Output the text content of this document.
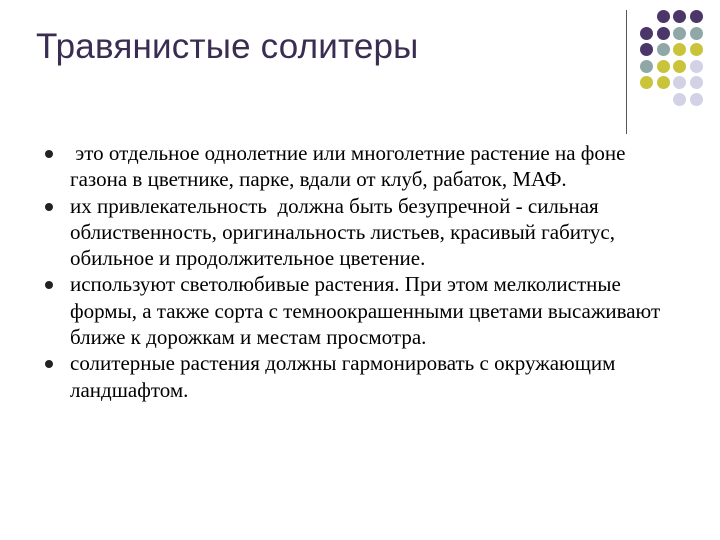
Травянистые солитеры
это отдельное однолетние или многолетние растение на фоне газона в цветнике, парке, вдали от клуб, рабаток, МАФ.
их привлекательность  должна быть безупречной - сильная облиственность, оригинальность листьев, красивый габитус, обильное и продолжительное цветение.
используют светолюбивые растения. При этом мелколистные формы, а также сорта с темноокрашенными цветами высаживают ближе к дорожкам и местам просмотра.
солитерные растения должны гармонировать с окружающим ландшафтом.
